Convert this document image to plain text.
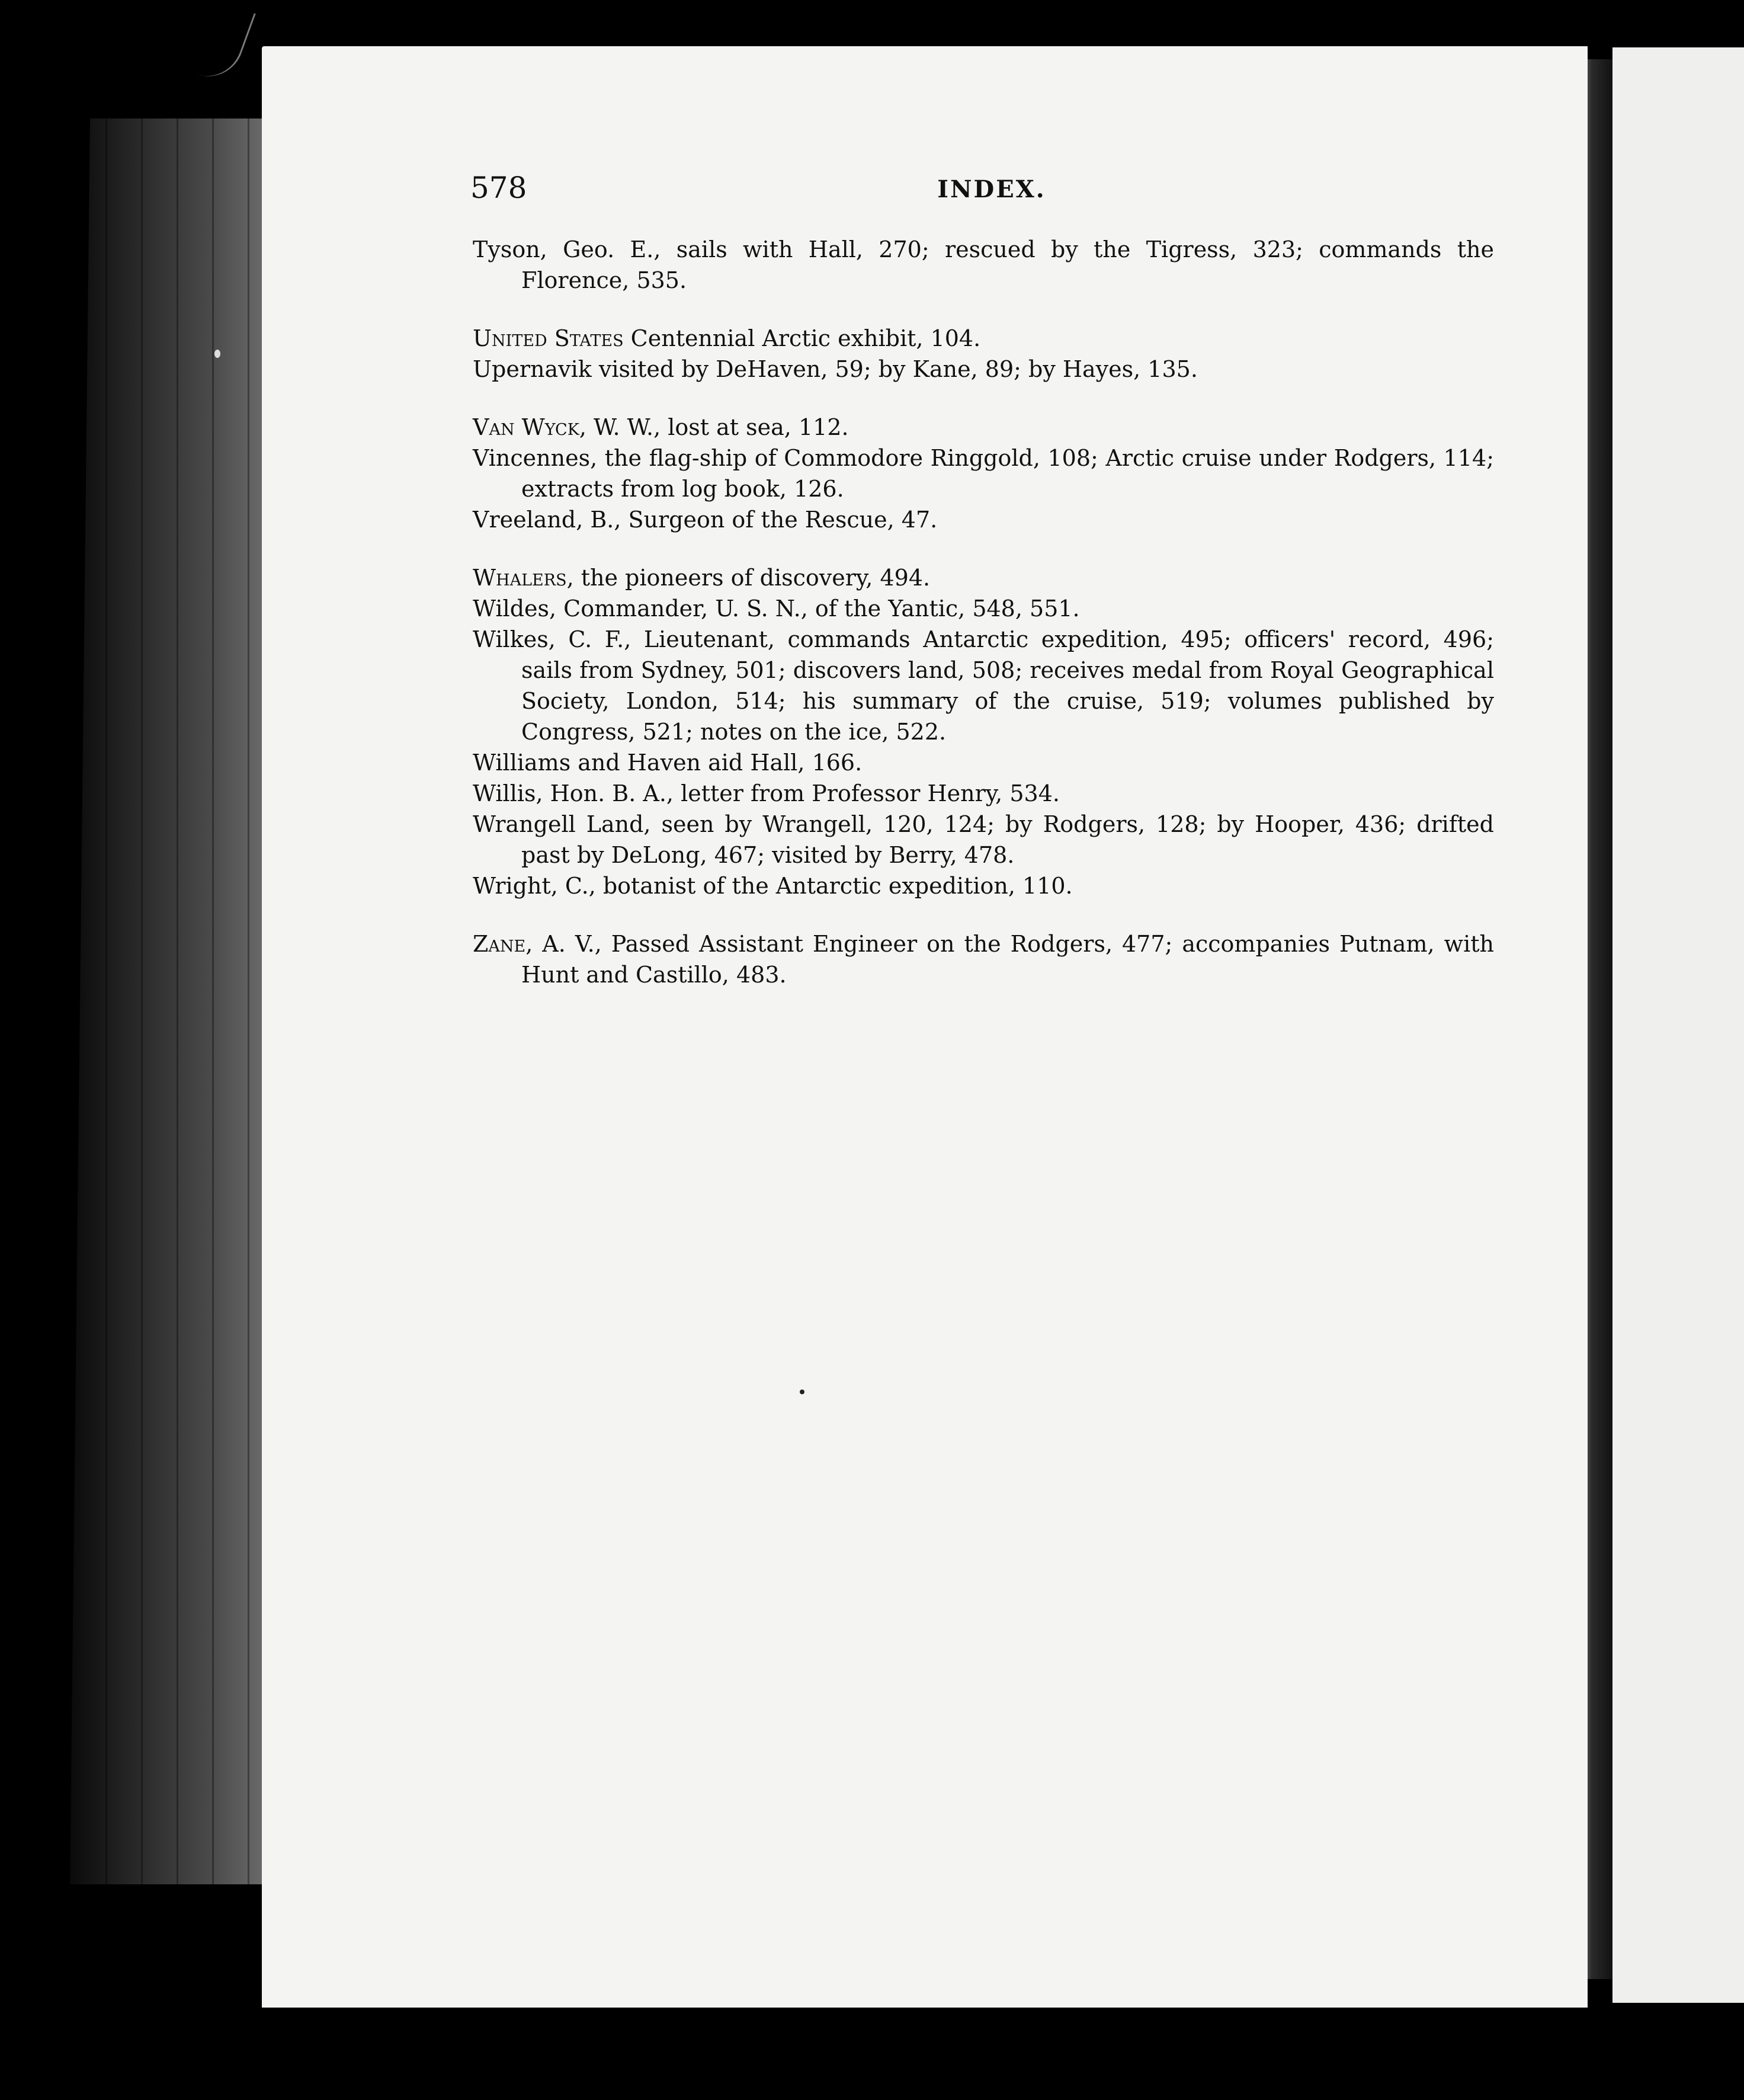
578	INDEX.

Tyson, Geo. E., sails with Hall, 270; rescued by the Tigress, 323; commands the Florence, 535.

United States Centennial Arctic exhibit, 104.

Upernavik visited by DeHaven, 59; by Kane, 89; by Hayes, 135.

Van Wyck, W. W., lost at sea, 112.

Vincennes, the flag-ship of Commodore Ringgold, 108; Arctic cruise under Rodgers, 114; extracts from log book, 126.

Vreeland, B., Surgeon of the Rescue, 47.

Whalers, the pioneers of discovery, 494.

Wildes, Commander, U. S. N., of the Yantic, 548, 551.

Wilkes, C. F., Lieutenant, commands Antarctic expedition, 495; officers' record, 496; sails from Sydney, 501; discovers land, 508; receives medal from Royal Geographical Society, London, 514; his summary of the cruise, 519; volumes published by Congress, 521; notes on the ice, 522.

Williams and Haven aid Hall, 166.

Willis, Hon. B. A., letter from Professor Henry, 534.

Wrangell Land, seen by Wrangell, 120, 124; by Rodgers, 128; by Hooper, 436; drifted past by DeLong, 467; visited by Berry, 478.

Wright, C., botanist of the Antarctic expedition, 110.

Zane, A. V., Passed Assistant Engineer on the Rodgers, 477; accompanies Putnam, with Hunt and Castillo, 483.
